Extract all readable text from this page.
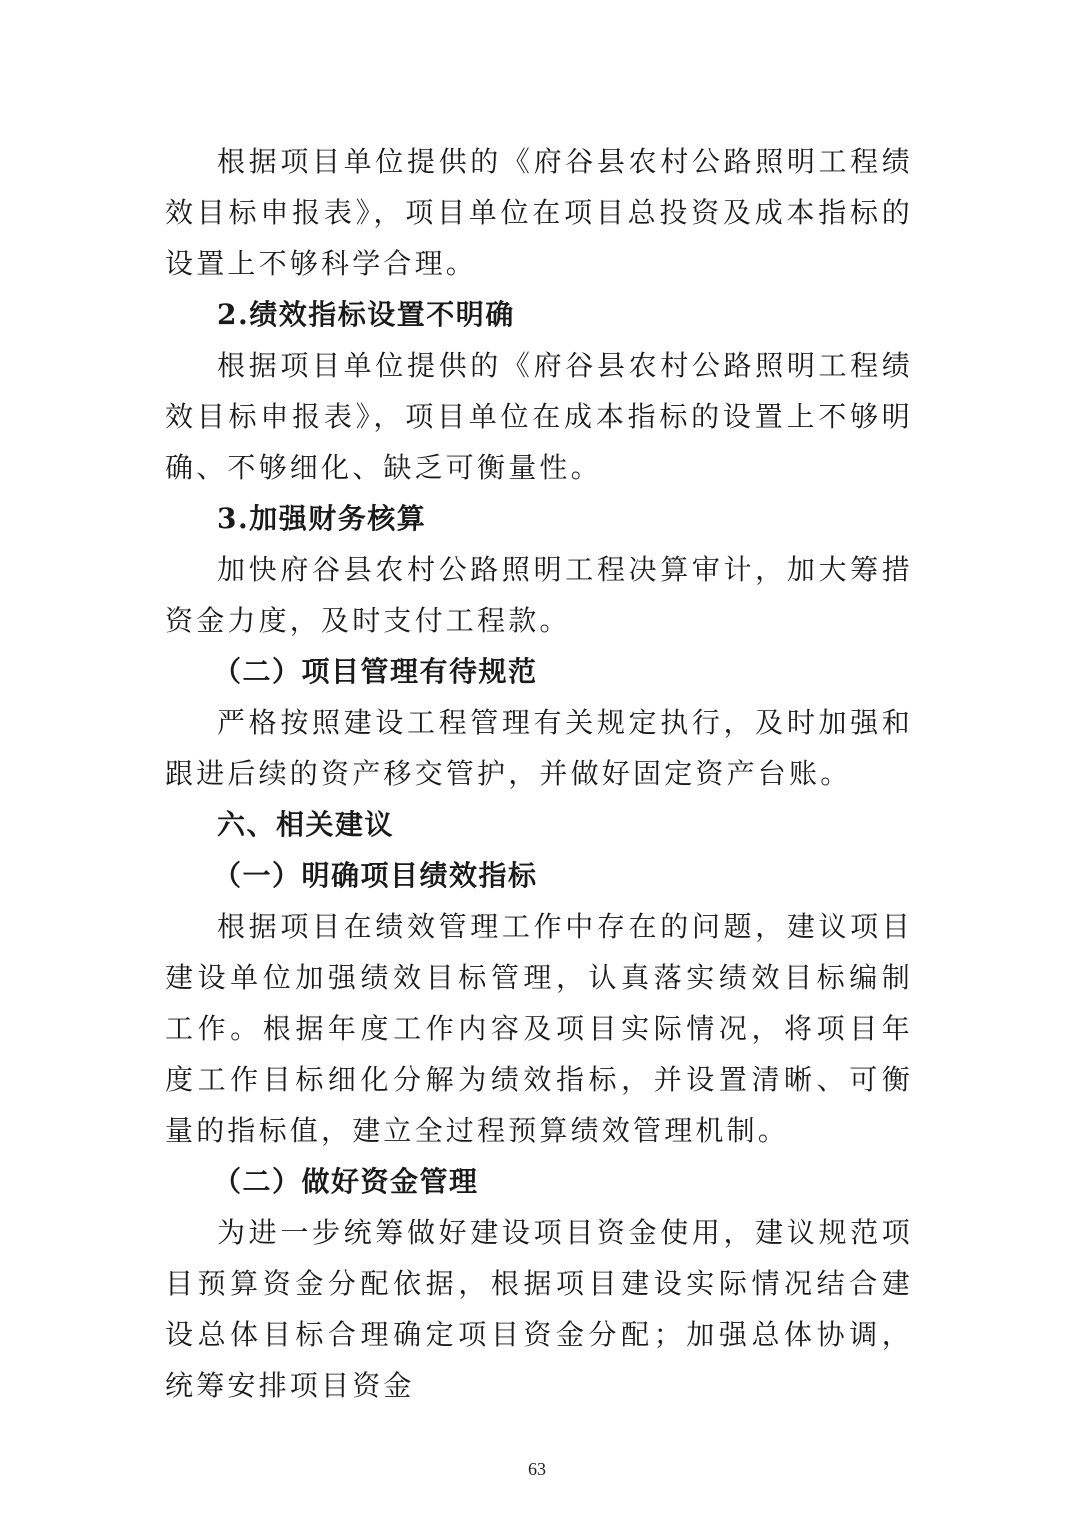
根据项目单位提供的《府谷县农村公路照明工程绩效目标申报表》，项目单位在项目总投资及成本指标的设置上不够科学合理。

2.绩效指标设置不明确

根据项目单位提供的《府谷县农村公路照明工程绩效目标申报表》，项目单位在成本指标的设置上不够明确、不够细化、缺乏可衡量性。

3.加强财务核算

加快府谷县农村公路照明工程决算审计，加大筹措资金力度，及时支付工程款。

（二）项目管理有待规范

严格按照建设工程管理有关规定执行，及时加强和跟进后续的资产移交管护，并做好固定资产台账。

六、相关建议
（一）明确项目绩效指标

根据项目在绩效管理工作中存在的问题，建议项目建设单位加强绩效目标管理，认真落实绩效目标编制工作。根据年度工作内容及项目实际情况，将项目年度工作目标细化分解为绩效指标，并设置清晰、可衡量的指标值，建立全过程预算绩效管理机制。

（二）做好资金管理

为进一步统筹做好建设项目资金使用，建议规范项目预算资金分配依据，根据项目建设实际情况结合建设总体目标合理确定项目资金分配；加强总体协调，统筹安排项目资金

63
